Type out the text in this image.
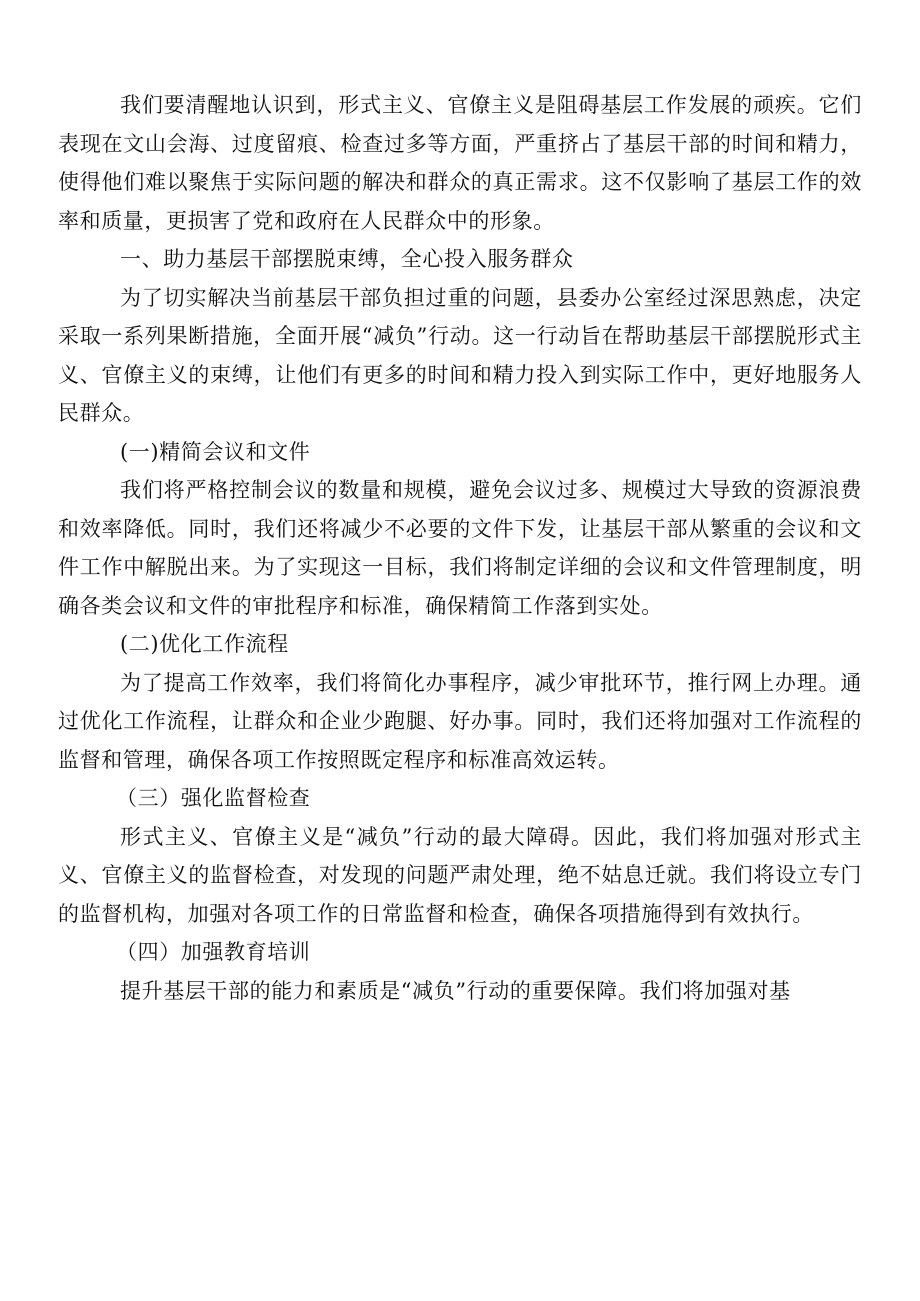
我们要清醒地认识到，形式主义、官僚主义是阻碍基层工作发展的顽疾。它们表现在文山会海、过度留痕、检查过多等方面，严重挤占了基层干部的时间和精力，使得他们难以聚焦于实际问题的解决和群众的真正需求。这不仅影响了基层工作的效率和质量，更损害了党和政府在人民群众中的形象。

一、助力基层干部摆脱束缚，全心投入服务群众

为了切实解决当前基层干部负担过重的问题，县委办公室经过深思熟虑，决定采取一系列果断措施，全面开展“减负”行动。这一行动旨在帮助基层干部摆脱形式主义、官僚主义的束缚，让他们有更多的时间和精力投入到实际工作中，更好地服务人民群众。

(一)精简会议和文件

我们将严格控制会议的数量和规模，避免会议过多、规模过大导致的资源浪费和效率降低。同时，我们还将减少不必要的文件下发，让基层干部从繁重的会议和文件工作中解脱出来。为了实现这一目标，我们将制定详细的会议和文件管理制度，明确各类会议和文件的审批程序和标准，确保精简工作落到实处。

(二)优化工作流程

为了提高工作效率，我们将简化办事程序，减少审批环节，推行网上办理。通过优化工作流程，让群众和企业少跑腿、好办事。同时，我们还将加强对工作流程的监督和管理，确保各项工作按照既定程序和标准高效运转。

（三）强化监督检查

形式主义、官僚主义是“减负”行动的最大障碍。因此，我们将加强对形式主义、官僚主义的监督检查，对发现的问题严肃处理，绝不姑息迁就。我们将设立专门的监督机构，加强对各项工作的日常监督和检查，确保各项措施得到有效执行。

（四）加强教育培训

提升基层干部的能力和素质是“减负”行动的重要保障。我们将加强对基
